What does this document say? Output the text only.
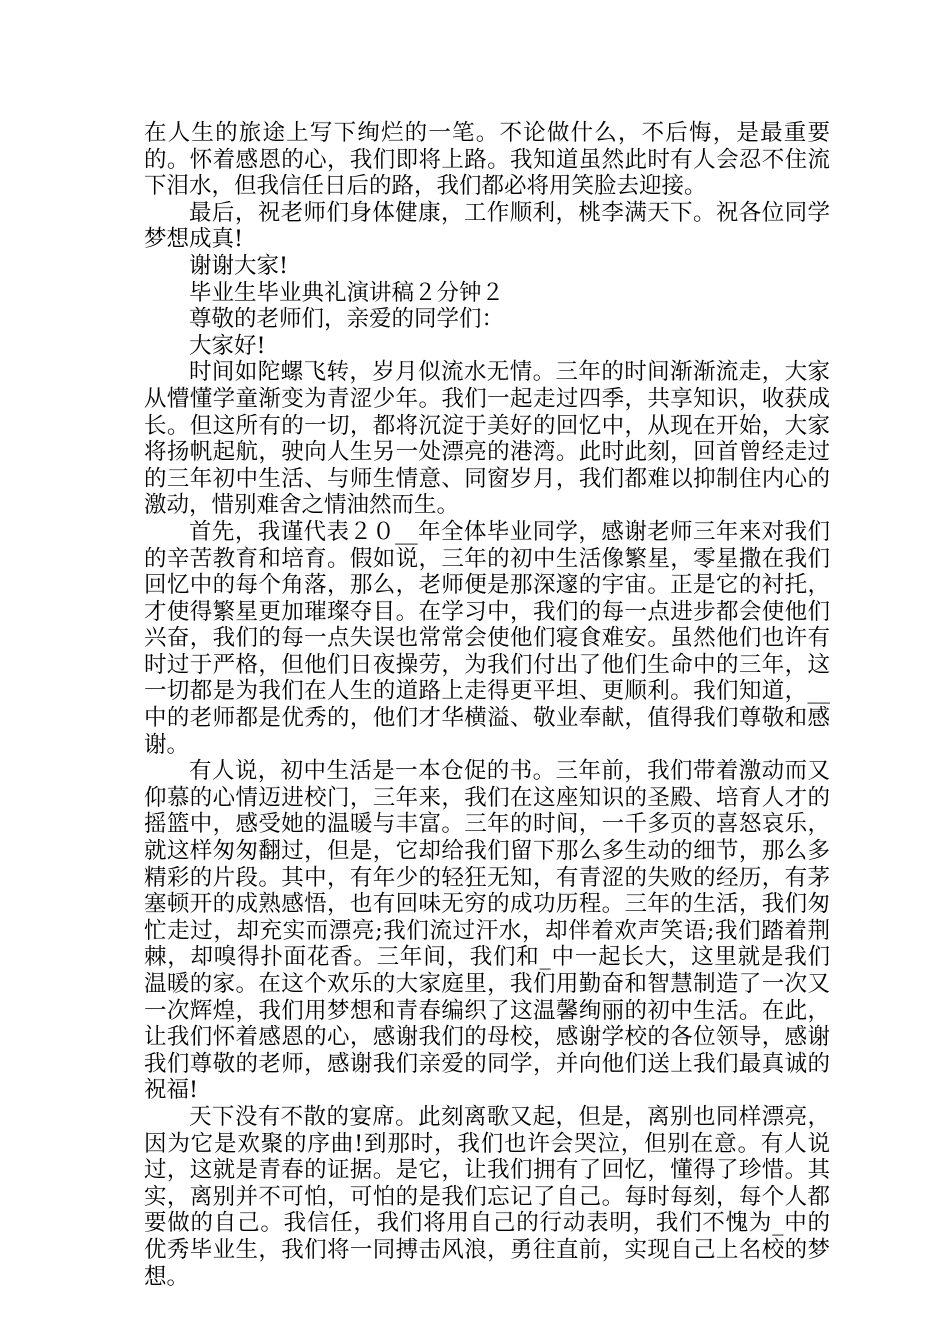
在人生的旅途上写下绚烂的一笔。不论做什么，不后悔，是最重要的。怀着感恩的心，我们即将上路。我知道虽然此时有人会忍不住流下泪水，但我信任日后的路，我们都必将用笑脸去迎接。

最后，祝老师们身体健康，工作顺利，桃李满天下。祝各位同学梦想成真!

谢谢大家!

毕业生毕业典礼演讲稿２分钟２

尊敬的老师们，亲爱的同学们：

大家好!

时间如陀螺飞转，岁月似流水无情。三年的时间渐渐流走，大家从懵懂学童渐变为青涩少年。我们一起走过四季，共享知识，收获成长。但这所有的一切，都将沉淀于美好的回忆中，从现在开始，大家将扬帆起航，驶向人生另一处漂亮的港湾。此时此刻，回首曾经走过的三年初中生活、与师生情意、同窗岁月，我们都难以抑制住内心的激动，惜别难舍之情油然而生。

首先，我谨代表２０__年全体毕业同学，感谢老师三年来对我们的辛苦教育和培育。假如说，三年的初中生活像繁星，零星撒在我们回忆中的每个角落，那么，老师便是那深邃的宇宙。正是它的衬托，才使得繁星更加璀璨夺目。在学习中，我们的每一点进步都会使他们兴奋，我们的每一点失误也常常会使他们寝食难安。虽然他们也许有时过于严格，但他们日夜操劳，为我们付出了他们生命中的三年，这一切都是为我们在人生的道路上走得更平坦、更顺利。我们知道，__中的老师都是优秀的，他们才华横溢、敬业奉献，值得我们尊敬和感谢。

有人说，初中生活是一本仓促的书。三年前，我们带着激动而又仰慕的心情迈进校门，三年来，我们在这座知识的圣殿、培育人才的摇篮中，感受她的温暖与丰富。三年的时间，一千多页的喜怒哀乐，就这样匆匆翻过，但是，它却给我们留下那么多生动的细节，那么多精彩的片段。其中，有年少的轻狂无知，有青涩的失败的经历，有茅塞顿开的成熟感悟，也有回味无穷的成功历程。三年的生活，我们匆忙走过，却充实而漂亮;我们流过汗水，却伴着欢声笑语;我们踏着荆棘，却嗅得扑面花香。三年间，我们和_中一起长大，这里就是我们温暖的家。在这个欢乐的大家庭里，我们用勤奋和智慧制造了一次又一次辉煌，我们用梦想和青春编织了这温馨绚丽的初中生活。在此，让我们怀着感恩的心，感谢我们的母校，感谢学校的各位领导，感谢我们尊敬的老师，感谢我们亲爱的同学，并向他们送上我们最真诚的祝福!

天下没有不散的宴席。此刻离歌又起，但是，离别也同样漂亮，因为它是欢聚的序曲!到那时，我们也许会哭泣，但别在意。有人说过，这就是青春的证据。是它，让我们拥有了回忆，懂得了珍惜。其实，离别并不可怕，可怕的是我们忘记了自己。每时每刻，每个人都要做的自己。我信任，我们将用自己的行动表明，我们不愧为_中的优秀毕业生，我们将一同搏击风浪，勇往直前，实现自己上名校的梦想。
